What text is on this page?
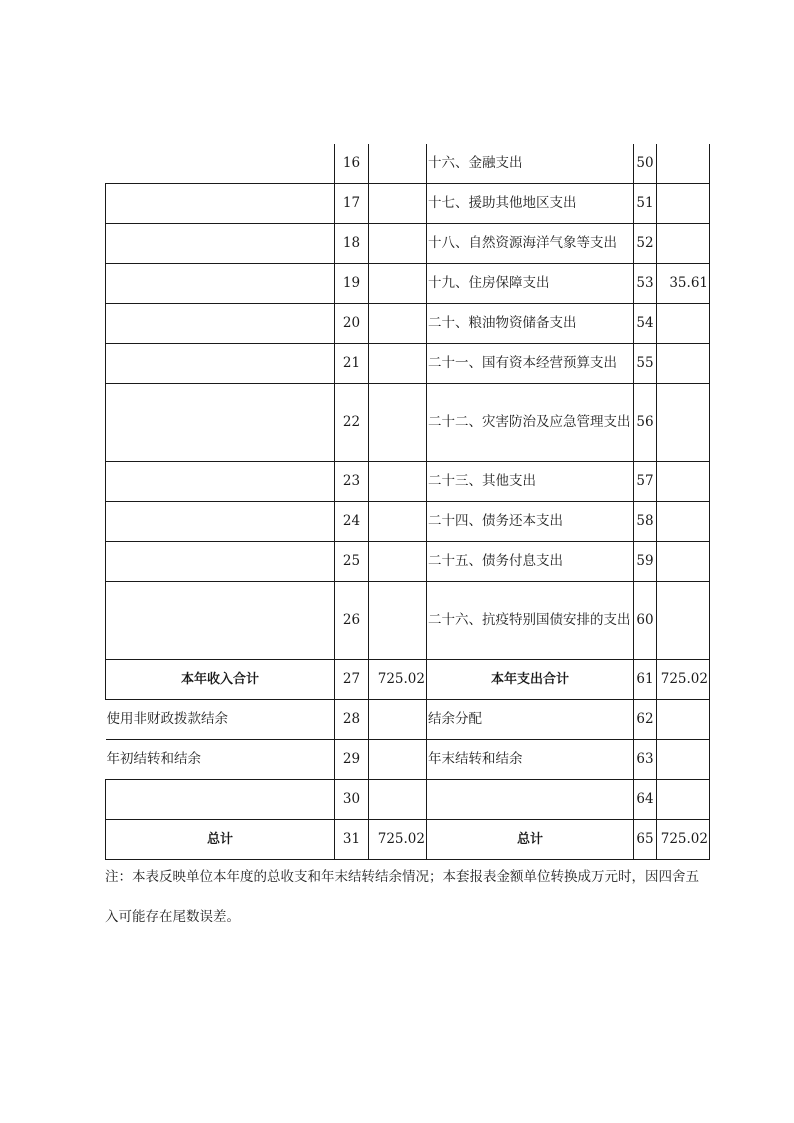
	16		十六、金融支出	50	
	17		十七、援助其他地区支出	51	
	18		十八、自然资源海洋气象等支出	52	
	19		十九、住房保障支出	53	35.61
	20		二十、粮油物资储备支出	54	
	21		二十一、国有资本经营预算支出	55	
	22		二十二、灾害防治及应急管理支出	56	
	23		二十三、其他支出	57	
	24		二十四、债务还本支出	58	
	25		二十五、债务付息支出	59	
	26		二十六、抗疫特别国债安排的支出	60	
本年收入合计	27	725.02	本年支出合计	61	725.02
使用非财政拨款结余	28		结余分配	62	
年初结转和结余	29		年末结转和结余	63	
	30			64	
总计	31	725.02	总计	65	725.02
注：本表反映单位本年度的总收支和年末结转结余情况；本套报表金额单位转换成万元时，因四舍五入可能存在尾数误差。
